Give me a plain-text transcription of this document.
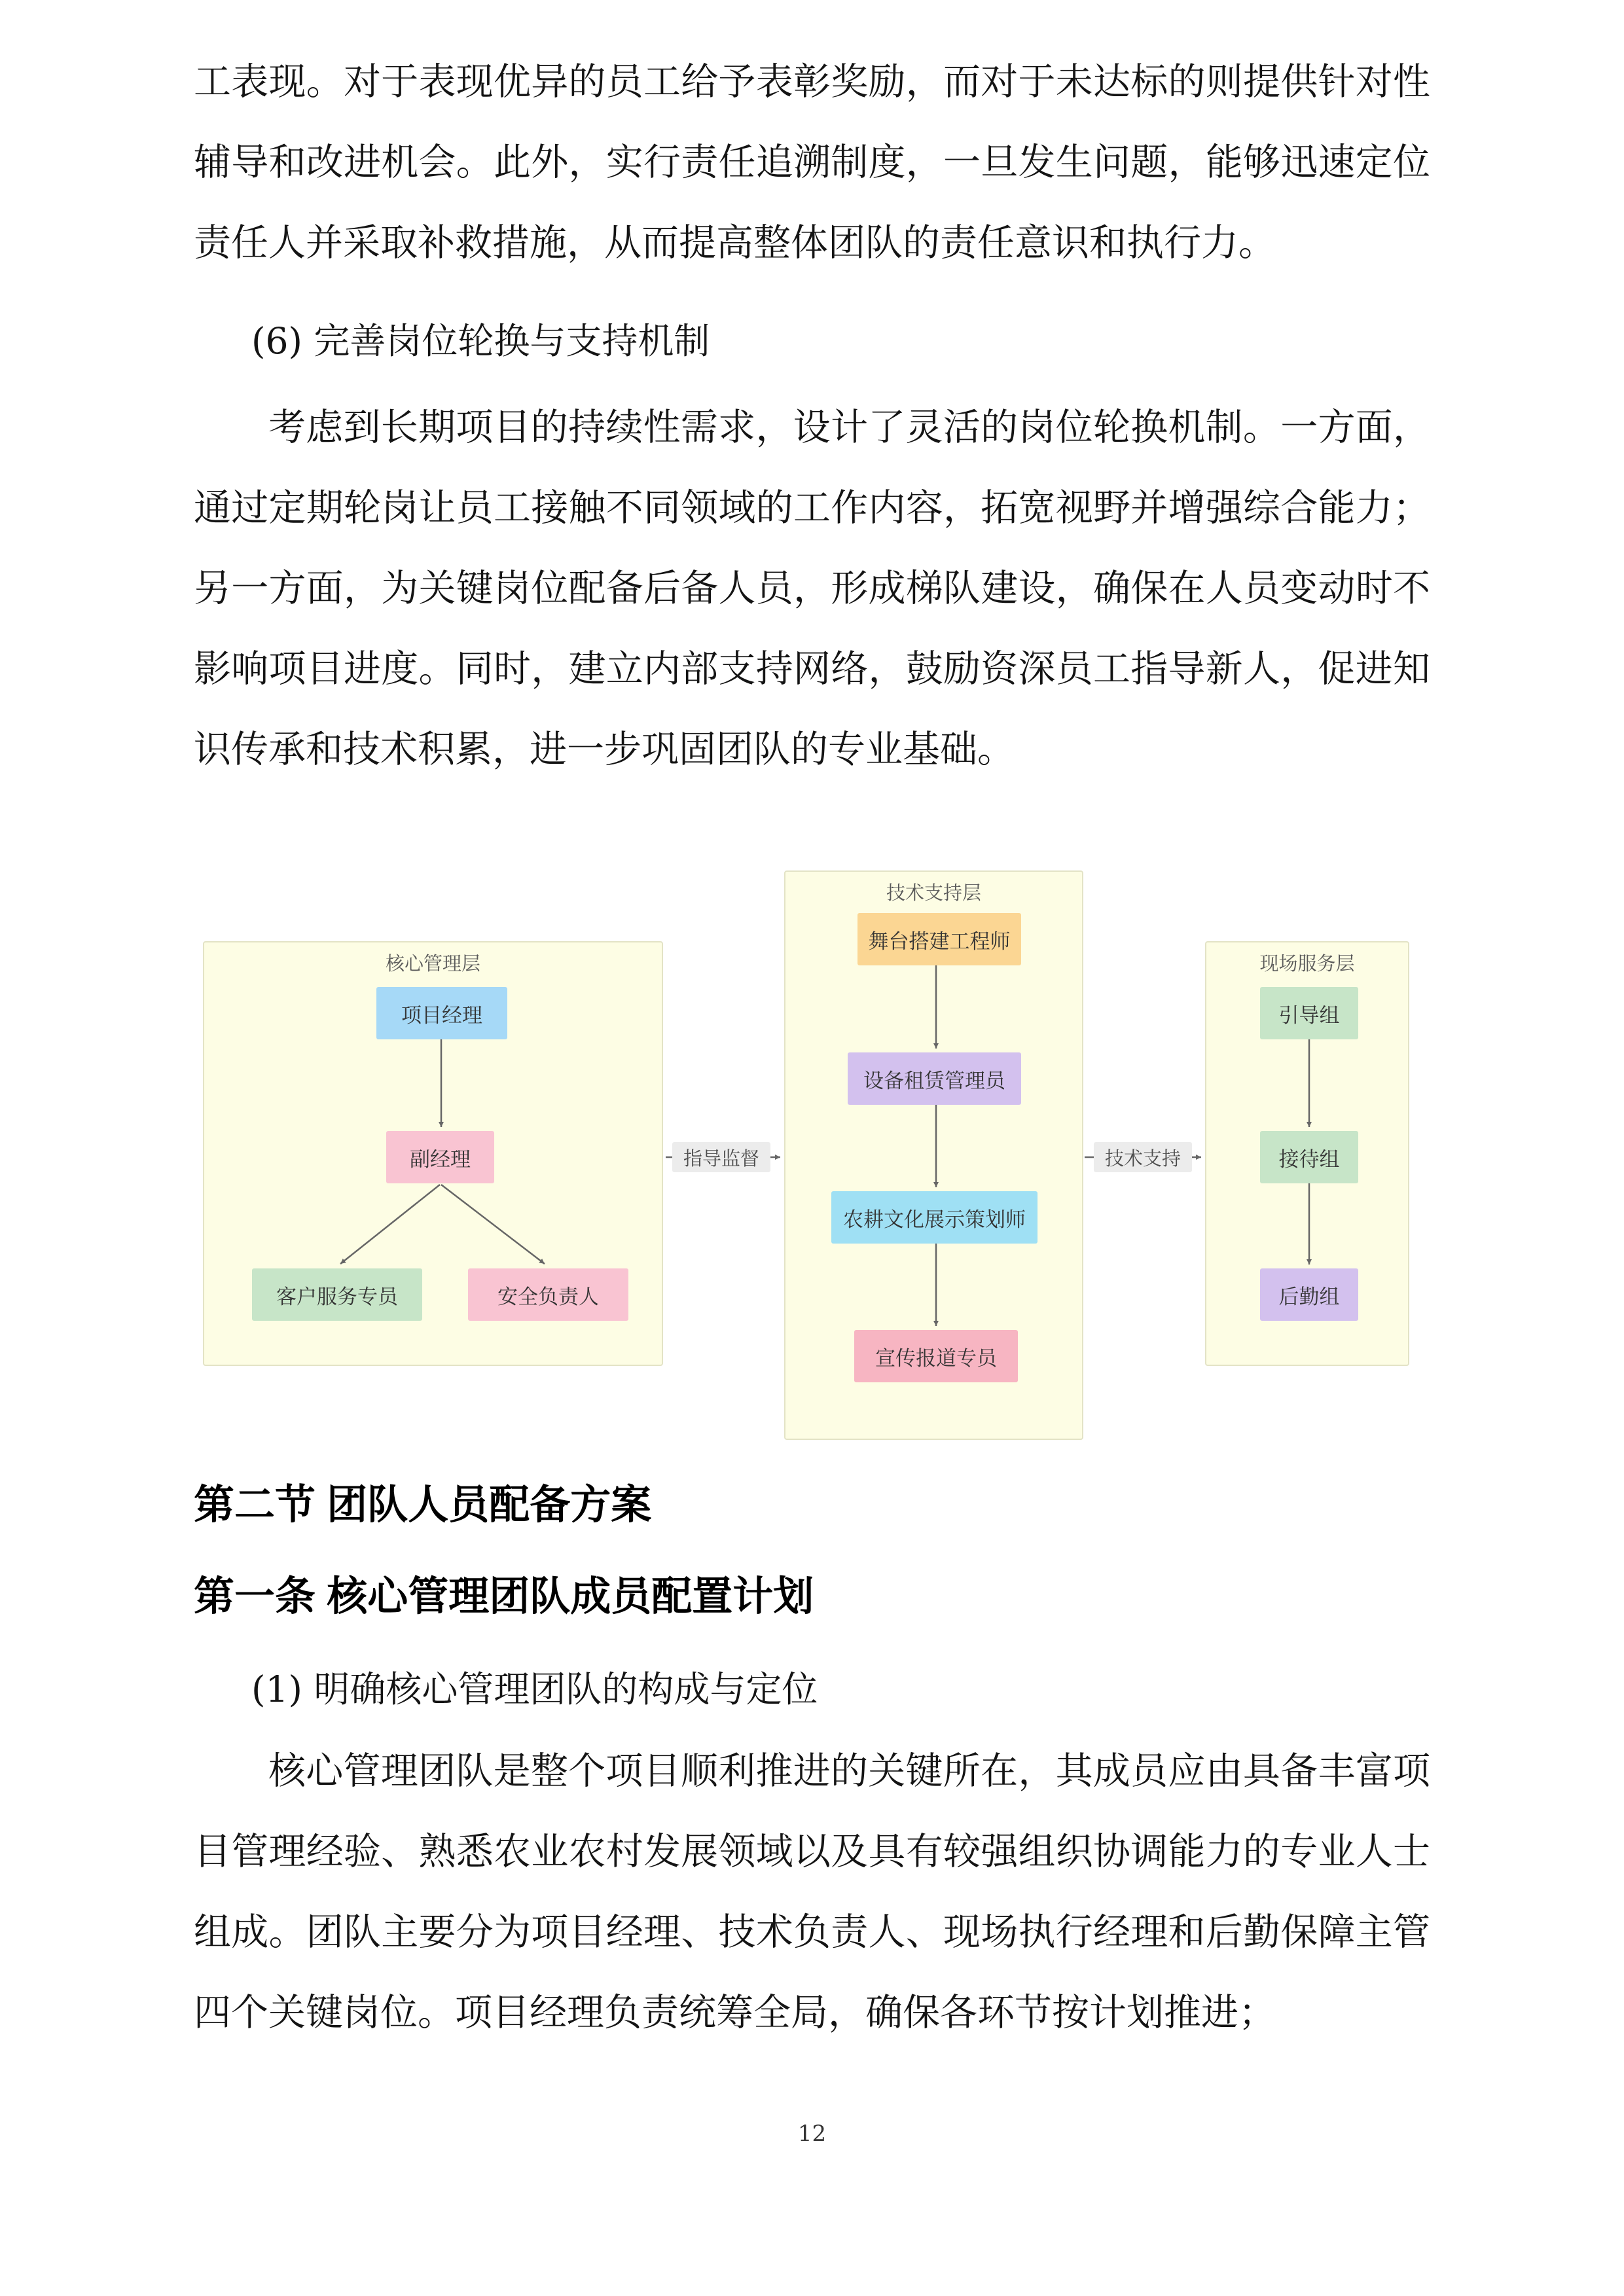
工表现。对于表现优异的员工给予表彰奖励，而对于未达标的则提供针对性辅导和改进机会。此外，实行责任追溯制度，一旦发生问题，能够迅速定位责任人并采取补救措施，从而提高整体团队的责任意识和执行力。
(6) 完善岗位轮换与支持机制
考虑到长期项目的持续性需求，设计了灵活的岗位轮换机制。一方面，通过定期轮岗让员工接触不同领域的工作内容，拓宽视野并增强综合能力；另一方面，为关键岗位配备后备人员，形成梯队建设，确保在人员变动时不影响项目进度。同时，建立内部支持网络，鼓励资深员工指导新人，促进知识传承和技术积累，进一步巩固团队的专业基础。
核心管理层
技术支持层
现场服务层
项目经理
副经理
客户服务专员	安全负责人
舞台搭建工程师
设备租赁管理员
农耕文化展示策划师
宣传报道专员
引导组
接待组
后勤组
指导监督	技术支持
第二节 团队人员配备方案
第一条 核心管理团队成员配置计划
(1) 明确核心管理团队的构成与定位
核心管理团队是整个项目顺利推进的关键所在，其成员应由具备丰富项目管理经验、熟悉农业农村发展领域以及具有较强组织协调能力的专业人士组成。团队主要分为项目经理、技术负责人、现场执行经理和后勤保障主管四个关键岗位。项目经理负责统筹全局，确保各环节按计划推进；
12
